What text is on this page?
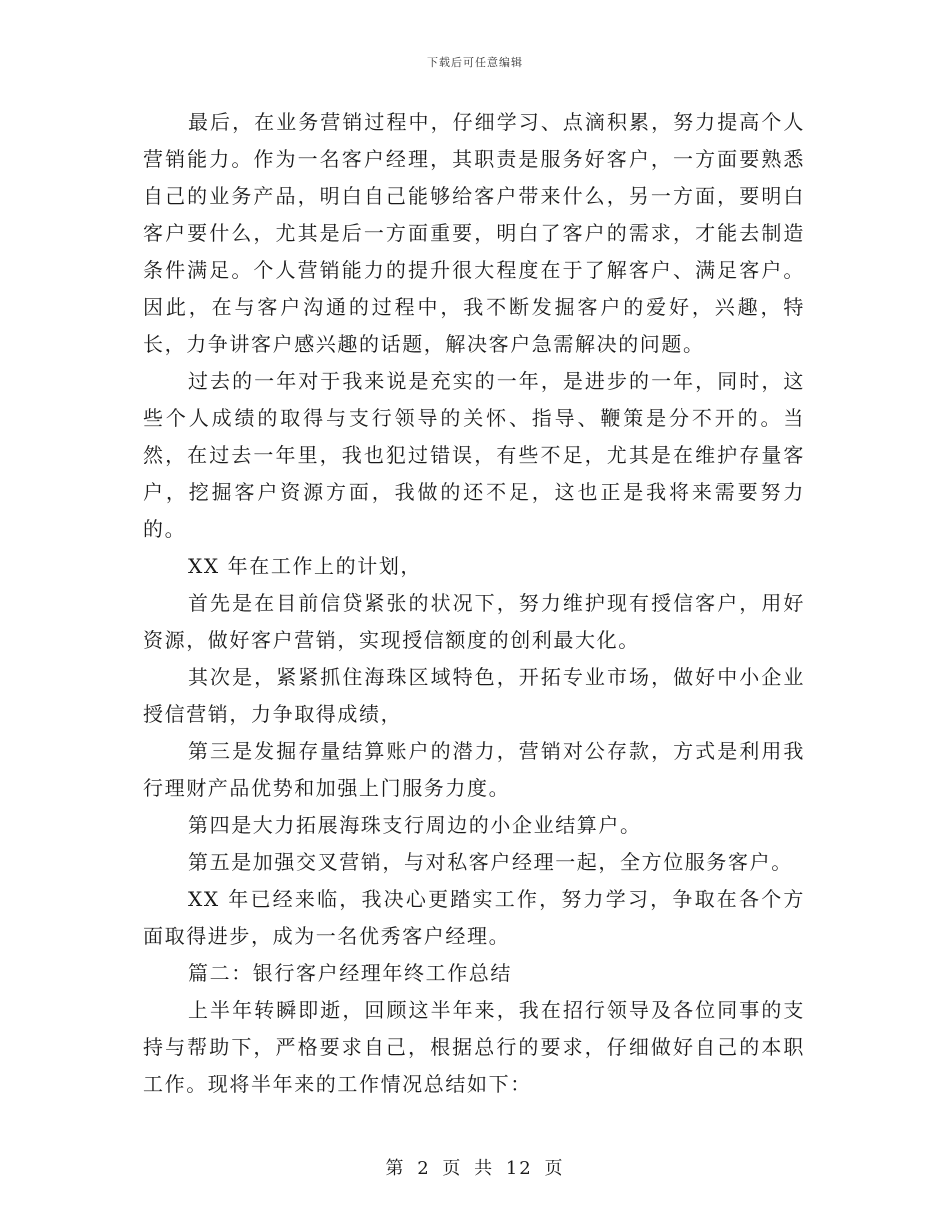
下载后可任意编辑

最后，在业务营销过程中，仔细学习、点滴积累，努力提高个人营销能力。作为一名客户经理，其职责是服务好客户，一方面要熟悉自己的业务产品，明白自己能够给客户带来什么，另一方面，要明白客户要什么，尤其是后一方面重要，明白了客户的需求，才能去制造条件满足。个人营销能力的提升很大程度在于了解客户、满足客户。因此，在与客户沟通的过程中，我不断发掘客户的爱好，兴趣，特长，力争讲客户感兴趣的话题，解决客户急需解决的问题。

过去的一年对于我来说是充实的一年，是进步的一年，同时，这些个人成绩的取得与支行领导的关怀、指导、鞭策是分不开的。当然，在过去一年里，我也犯过错误，有些不足，尤其是在维护存量客户，挖掘客户资源方面，我做的还不足，这也正是我将来需要努力的。

XX 年在工作上的计划，

首先是在目前信贷紧张的状况下，努力维护现有授信客户，用好资源，做好客户营销，实现授信额度的创利最大化。

其次是，紧紧抓住海珠区域特色，开拓专业市场，做好中小企业授信营销，力争取得成绩，

第三是发掘存量结算账户的潜力，营销对公存款，方式是利用我行理财产品优势和加强上门服务力度。

第四是大力拓展海珠支行周边的小企业结算户。

第五是加强交叉营销，与对私客户经理一起，全方位服务客户。

XX 年已经来临，我决心更踏实工作，努力学习，争取在各个方面取得进步，成为一名优秀客户经理。

篇二：银行客户经理年终工作总结

上半年转瞬即逝，回顾这半年来，我在招行领导及各位同事的支持与帮助下，严格要求自己，根据总行的要求，仔细做好自己的本职工作。现将半年来的工作情况总结如下：

第 2 页 共 12 页
